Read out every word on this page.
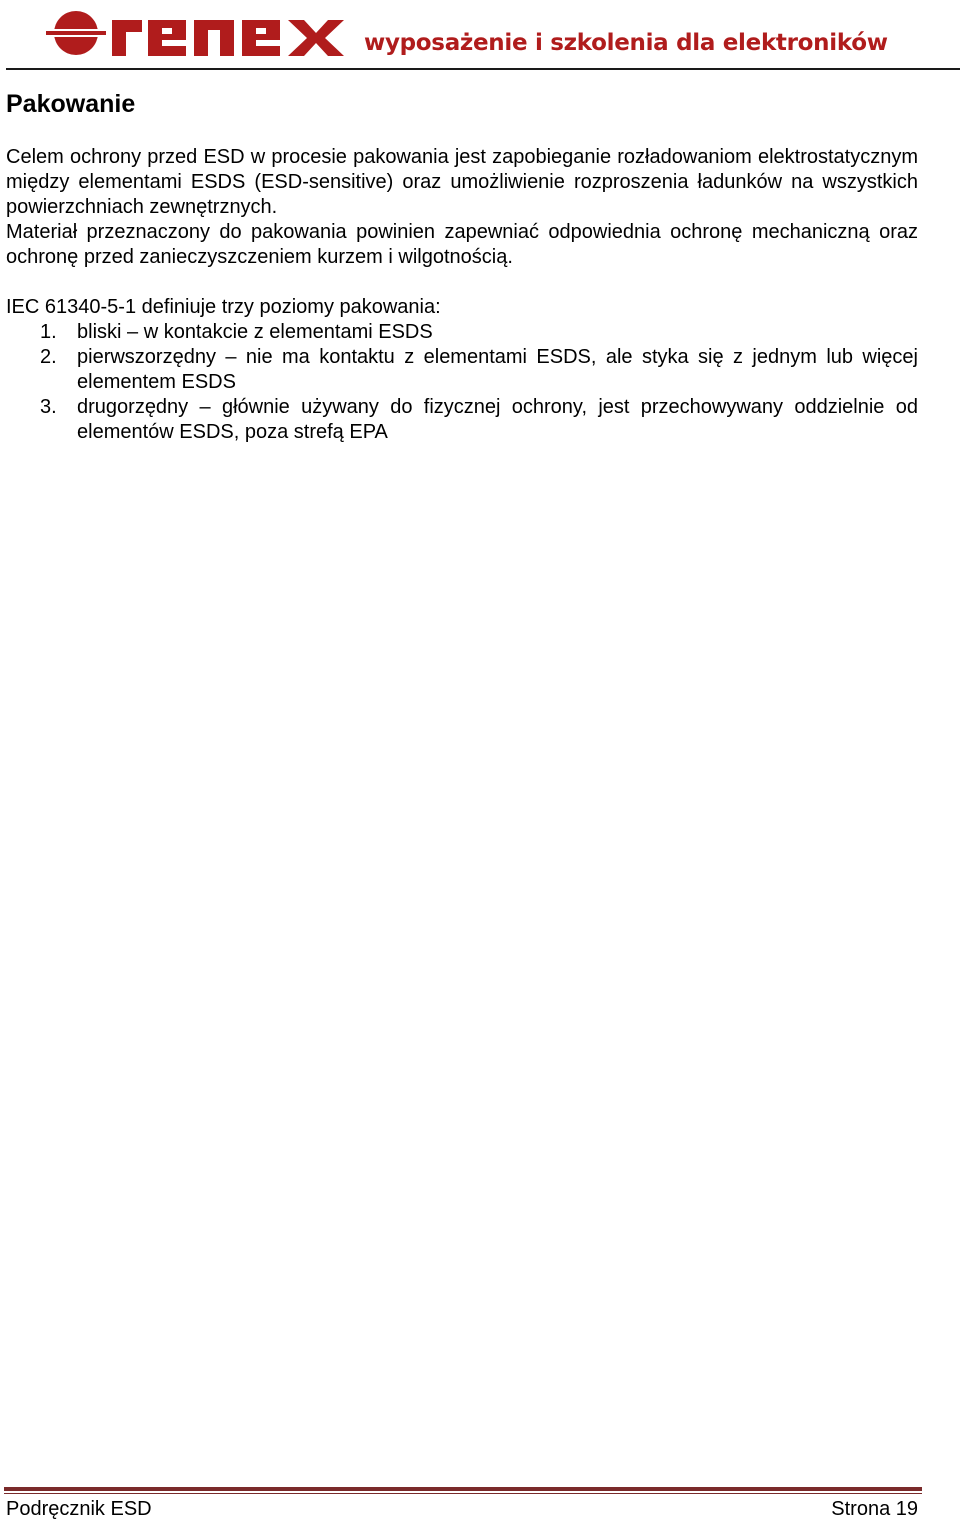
wyposażenie i szkolenia dla elektroników
Pakowanie

Celem ochrony przed ESD w procesie pakowania jest zapobieganie rozładowaniom elektrostatycznym między elementami ESDS (ESD-sensitive) oraz umożliwienie rozproszenia ładunków na wszystkich powierzchniach zewnętrznych.

Materiał przeznaczony do pakowania powinien zapewniać odpowiednia ochronę mechaniczną oraz ochronę przed zanieczyszczeniem kurzem i wilgotnością.

IEC 61340-5-1 definiuje trzy poziomy pakowania:

1. bliski – w kontakcie z elementami ESDS
2. pierwszorzędny – nie ma kontaktu z elementami ESDS, ale styka się z jednym lub więcej elementem ESDS
3. drugorzędny – głównie używany do fizycznej ochrony, jest przechowywany oddzielnie od elementów ESDS, poza strefą EPA
Podręcznik ESD	Strona 19
